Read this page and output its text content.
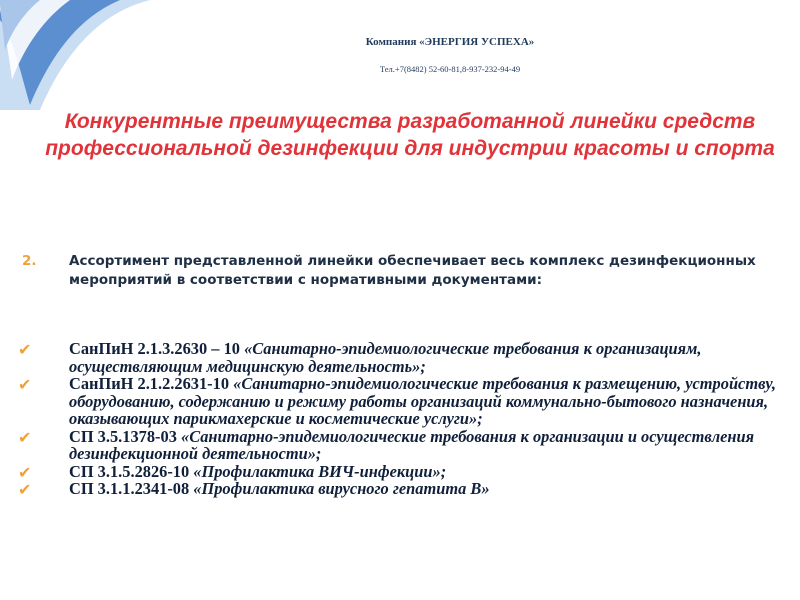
Компания «ЭНЕРГИЯ УСПЕХА»
Тел.+7(8482) 52-60-81,8-937-232-94-49
Конкурентные преимущества разработанной линейки средств профессиональной дезинфекции для индустрии красоты и спорта
2. Ассортимент представленной линейки обеспечивает весь комплекс дезинфекционных мероприятий в соответствии с нормативными документами:
✔ СанПиН 2.1.3.2630 – 10 «Санитарно-эпидемиологические требования к организациям, осуществляющим медицинскую деятельность»;
✔ СанПиН 2.1.2.2631-10 «Санитарно-эпидемиологические требования к размещению, устройству, оборудованию, содержанию и режиму работы организаций коммунально-бытового назначения, оказывающих парикмахерские и косметические услуги»;
✔ СП 3.5.1378-03 «Санитарно-эпидемиологические требования к организации и осуществления дезинфекционной деятельности»;
✔ СП 3.1.5.2826-10 «Профилактика ВИЧ-инфекции»;
✔ СП 3.1.1.2341-08 «Профилактика вирусного гепатита В»
